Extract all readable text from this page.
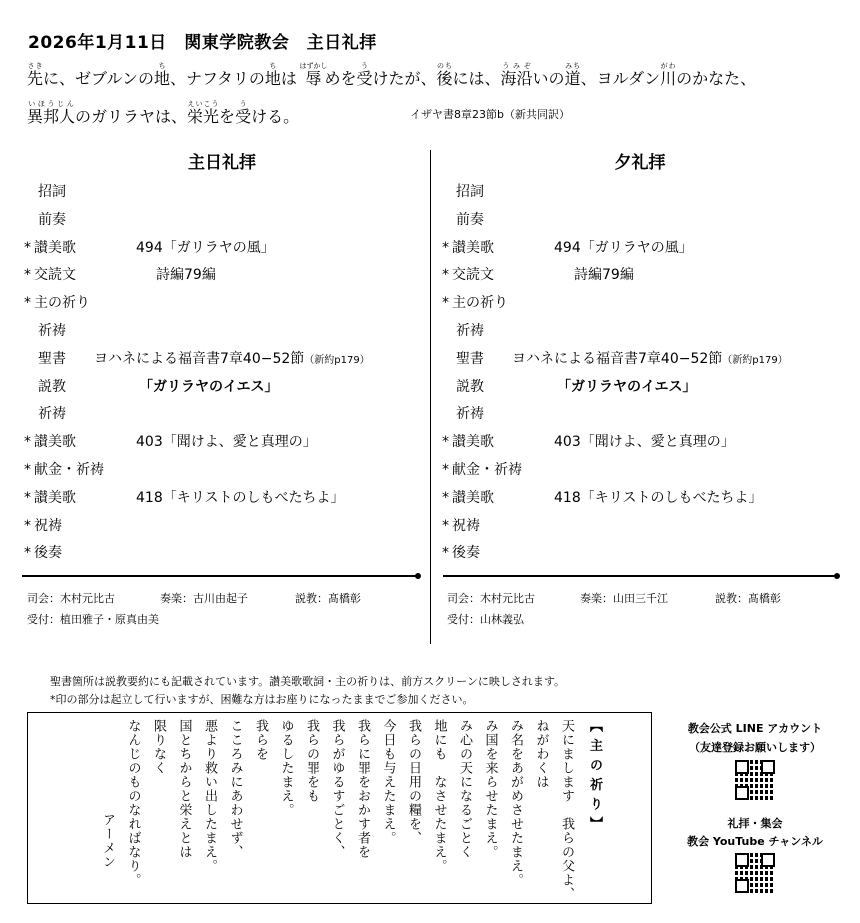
2026年1月11日　関東学院教会　主日礼拝
先さきに、ゼブルンの地ち、ナフタリの地ちは 辱はずかしめを受うけたが、後のちには、海沿うみぞいの道みち、ヨルダン川がわのかなた、
異邦人いほうじんのガリラヤは、栄光えいこうを受うける。	イザヤ書8章23節b（新共同訳）
主日礼拝
招詞
前奏
* 讃美歌	494「ガリラヤの風」
* 交読文	詩編79編
* 主の祈り
祈祷
聖書 ヨハネによる福音書7章40−52節（新約p179）
説教	「ガリラヤのイエス」
祈祷
* 讃美歌	403「聞けよ、愛と真理の」
* 献金・祈祷
* 讃美歌	418「キリストのしもべたちよ」
* 祝祷
* 後奏
夕礼拝
招詞
前奏
* 讃美歌	494「ガリラヤの風」
* 交読文	詩編79編
* 主の祈り
祈祷
聖書 ヨハネによる福音書7章40−52節（新約p179）
説教	「ガリラヤのイエス」
祈祷
* 讃美歌	403「聞けよ、愛と真理の」
* 献金・祈祷
* 讃美歌	418「キリストのしもべたちよ」
* 祝祷
* 後奏
司会：木村元比古	奏楽：古川由起子	説教：髙橋彰
受付：植田雅子・原真由美
司会：木村元比古	奏楽：山田三千江	説教：髙橋彰
受付：山林義弘
聖書箇所は説教要約にも記載されています。讃美歌歌詞・主の祈りは、前方スクリーンに映しされます。
*印の部分は起立して行いますが、困難な方はお座りになったままでご参加ください。
【 主 の 祈 り 】
天にまします　我らの父よ、
ねがわくは
み名をあがめさせたまえ。
み国を来らせたまえ。
み心の天になるごとく
地にも　なさせたまえ。
我らの日用の糧を、
今日も与えたまえ。
我らに罪をおかす者を
我らがゆるすごとく、
我らの罪をも
ゆるしたまえ。
我らを
こころみにあわせず、
悪より救い出したまえ。
国とちからと栄えとは
限りなく
なんじのものなればなり。
アーメン
教会公式 LINE アカウント
（友達登録お願いします）
礼拝・集会
教会 YouTube チャンネル
